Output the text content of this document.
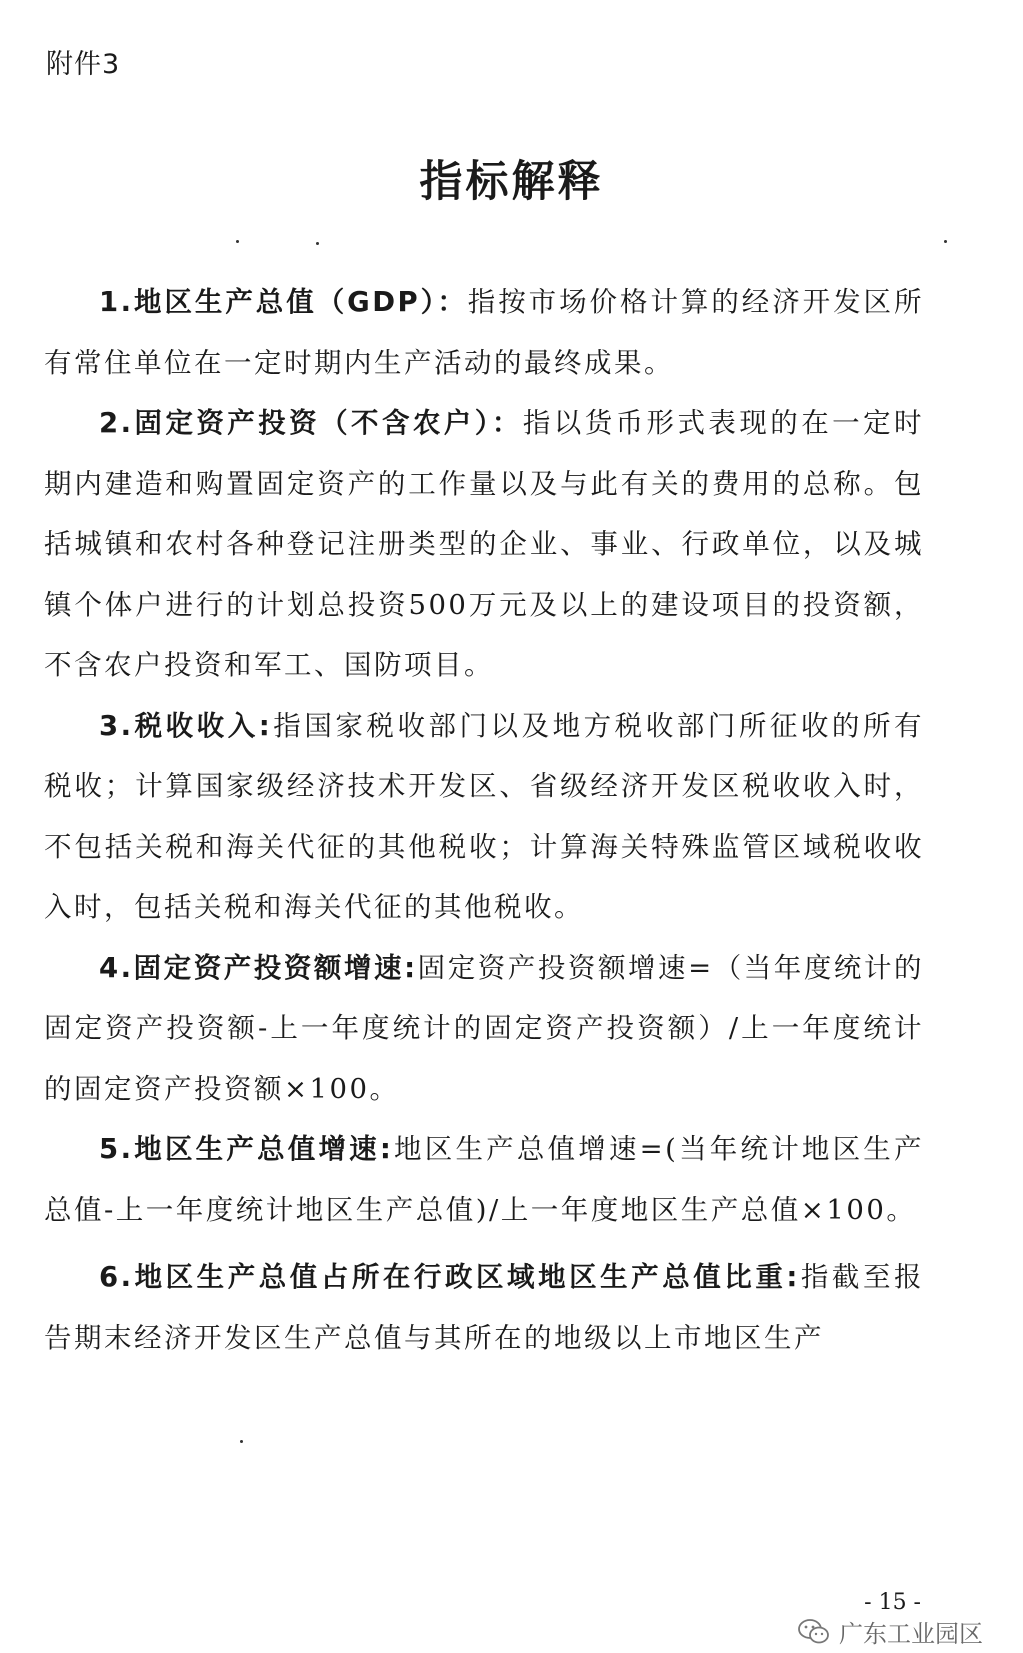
附件3
指标解释

1.地区生产总值（GDP）：指按市场价格计算的经济开发区所有常住单位在一定时期内生产活动的最终成果。

2.固定资产投资（不含农户）：指以货币形式表现的在一定时期内建造和购置固定资产的工作量以及与此有关的费用的总称。包括城镇和农村各种登记注册类型的企业、事业、行政单位，以及城镇个体户进行的计划总投资500万元及以上的建设项目的投资额，不含农户投资和军工、国防项目。

3.税收收入:指国家税收部门以及地方税收部门所征收的所有税收；计算国家级经济技术开发区、省级经济开发区税收收入时，不包括关税和海关代征的其他税收；计算海关特殊监管区域税收收入时，包括关税和海关代征的其他税收。

4.固定资产投资额增速:固定资产投资额增速=（当年度统计的固定资产投资额-上一年度统计的固定资产投资额）/上一年度统计的固定资产投资额×100。

5.地区生产总值增速:地区生产总值增速=(当年统计地区生产总值-上一年度统计地区生产总值)/上一年度地区生产总值×100。

6.地区生产总值占所在行政区域地区生产总值比重:指截至报告期末经济开发区生产总值与其所在的地级以上市地区生产

- 15 -
广东工业园区
